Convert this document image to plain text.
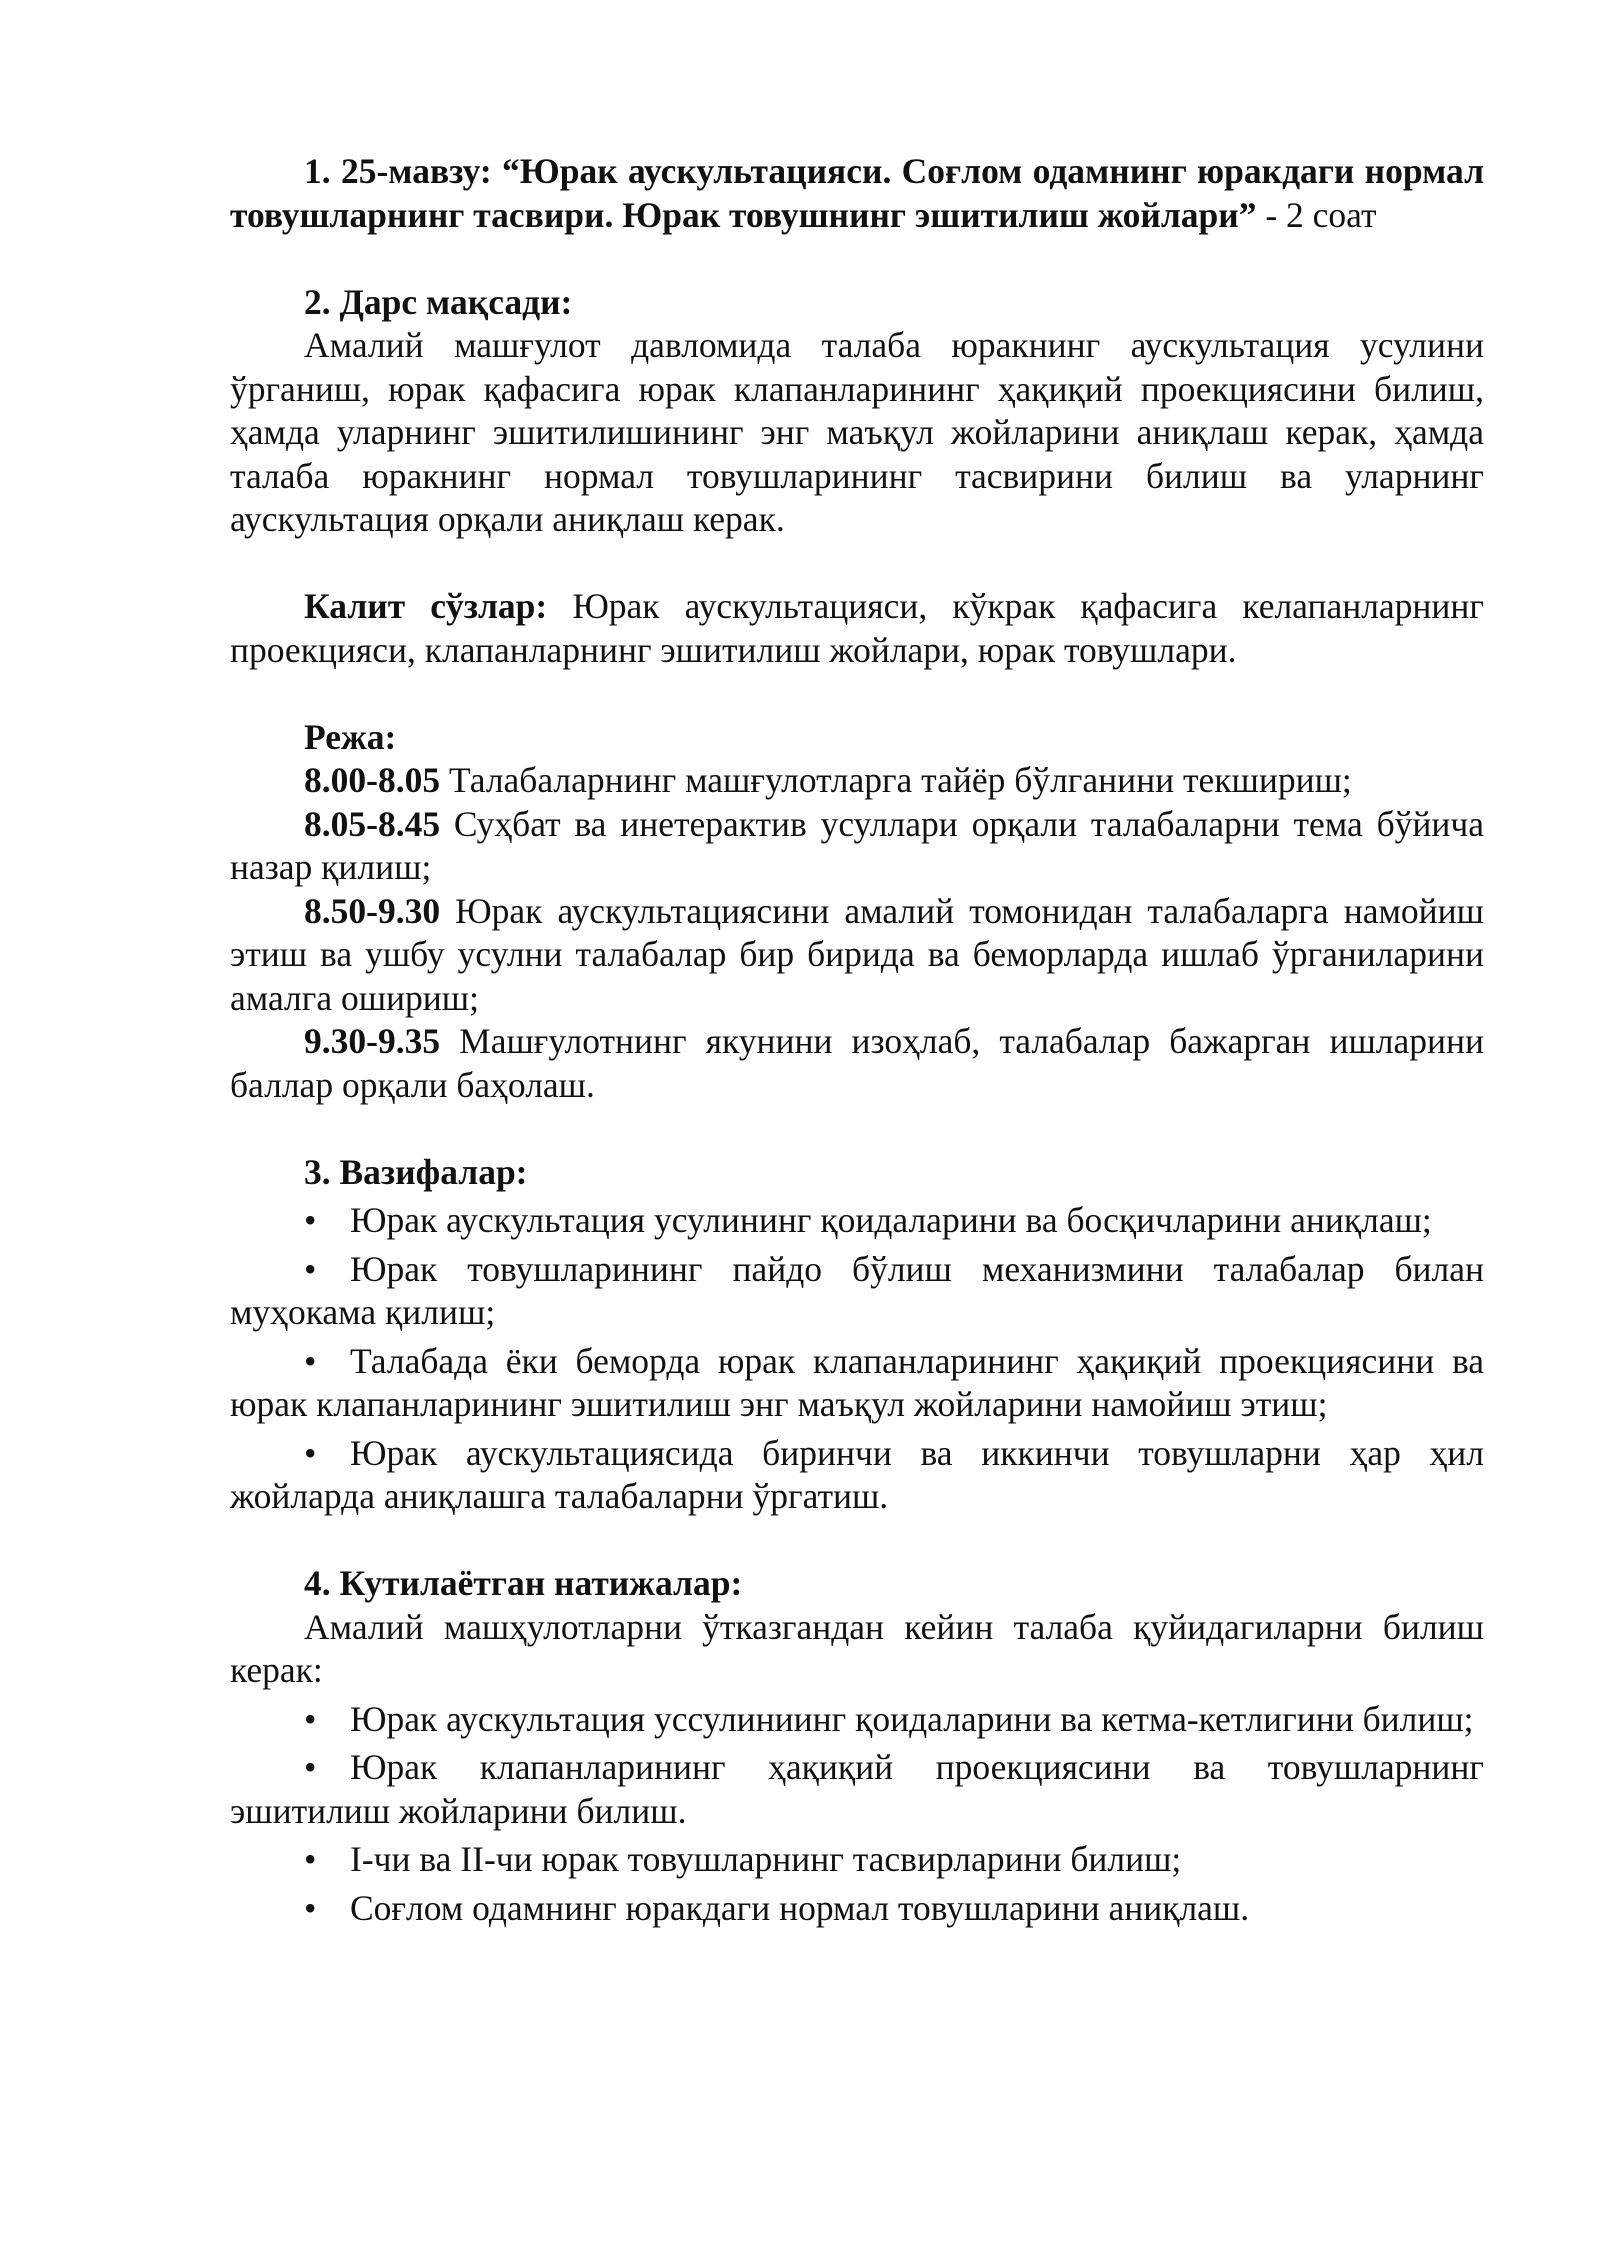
1. 25-мавзу: “Юрак аускультацияси. Соғлом одамнинг юракдаги нормал товушларнинг тасвири. Юрак товушнинг эшитилиш жойлари” - 2 соат

2. Дарс мақсади:

Амалий машғулот давломида талаба юракнинг аускультация усулини ўрганиш, юрак қафасига юрак клапанларининг ҳақиқий проекциясини билиш, ҳамда уларнинг эшитилишининг энг маъқул жойларини аниқлаш керак, ҳамда талаба юракнинг нормал товушларининг тасвирини билиш ва уларнинг аускультация орқали аниқлаш керак.

Калит сўзлар: Юрак аускультацияси, кўкрак қафасига келапанларнинг проекцияси, клапанларнинг эшитилиш жойлари, юрак товушлари.

Режа:

8.00-8.05 Талабаларнинг машғулотларга тайёр бўлганини текшириш;

8.05-8.45 Суҳбат ва инетерактив усуллари орқали талабаларни тема бўйича назар қилиш;

8.50-9.30 Юрак аускультациясини амалий томонидан талабаларга намойиш этиш ва ушбу усулни талабалар бир бирида ва беморларда ишлаб ўрганиларини амалга ошириш;

9.30-9.35 Машғулотнинг якунини изоҳлаб, талабалар бажарган ишларини баллар орқали баҳолаш.

3. Вазифалар:

• Юрак аускультация усулининг қоидаларини ва босқичларини аниқлаш;

• Юрак товушларининг пайдо бўлиш механизмини талабалар билан муҳокама қилиш;

• Талабада ёки беморда юрак клапанларининг ҳақиқий проекциясини ва юрак клапанларининг эшитилиш энг маъқул жойларини намойиш этиш;

• Юрак аускультациясида биринчи ва иккинчи товушларни ҳар ҳил жойларда аниқлашга талабаларни ўргатиш.

4. Кутилаётган натижалар:

Амалий машҳулотларни ўтказгандан кейин талаба қуйидагиларни билиш керак:

• Юрак аускультация уссулиниинг қоидаларини ва кетма-кетлигини билиш;

• Юрак клапанларининг ҳақиқий проекциясини ва товушларнинг эшитилиш жойларини билиш.

• I-чи ва II-чи юрак товушларнинг тасвирларини билиш;

• Соғлом одамнинг юракдаги нормал товушларини аниқлаш.
